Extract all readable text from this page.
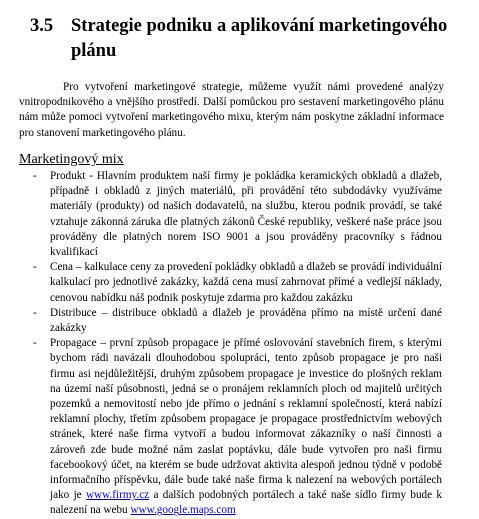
3.5 Strategie podniku a aplikování marketingového
plánu

Pro vytvoření marketingové strategie, můžeme využít námi provedené analýzy vnitropodnikového a vnějšího prostředí. Další pomůckou pro sestavení marketingového plánu nám může pomoci vytvoření marketingového mixu, kterým nám poskytne základní informace pro stanovení marketingového plánu.

Marketingový mix
- Produkt - Hlavním produktem naší firmy je pokládka keramických obkladů a dlažeb, případně i obkladů z jiných materiálů, při provádění této subdodávky využíváme materiály (produkty) od našich dodavatelů, na službu, kterou podnik provádí, se také vztahuje zákonná záruka dle platných zákonů České republiky, veškeré naše práce jsou prováděny dle platných norem ISO 9001 a jsou prováděny pracovníky s řádnou kvalifikací
- Cena – kalkulace ceny za provedení pokládky obkladů a dlažeb se provádí individuální kalkulací pro jednotlivé zakázky, každá cena musí zahrnovat přímé a vedlejší náklady, cenovou nabídku náš podnik poskytuje zdarma pro každou zakázku
- Distribuce – distribuce obkladů a dlažeb je prováděna přímo na místě určení dané zakázky
- Propagace – první způsob propagace je přímé oslovování stavebních firem, s kterými bychom rádi navázali dlouhodobou spolupráci, tento způsob propagace je pro naši firmu asi nejdůležitější, druhým způsobem propagace je investice do plošných reklam na území naší působnosti, jedná se o pronájem reklamních ploch od majitelů určitých pozemků a nemovitostí nebo jde přímo o jednání s reklamní společností, která nabízí reklamní plochy, třetím způsobem propagace je propagace prostřednictvím webových stránek, které naše firma vytvoří a budou informovat zákazníky o naší činnosti a zároveň zde bude možné nám zaslat poptávku, dále bude vytvořen pro naši firmu facebookový účet, na kterém se bude udržovat aktivita alespoň jednou týdně v podobě informačního příspěvku, dále bude také naše firma k nalezení na webových portálech jako je www.firmy.cz a dalších podobných portálech a také naše sídlo firmy bude k nalezení na webu www.google.maps.com
